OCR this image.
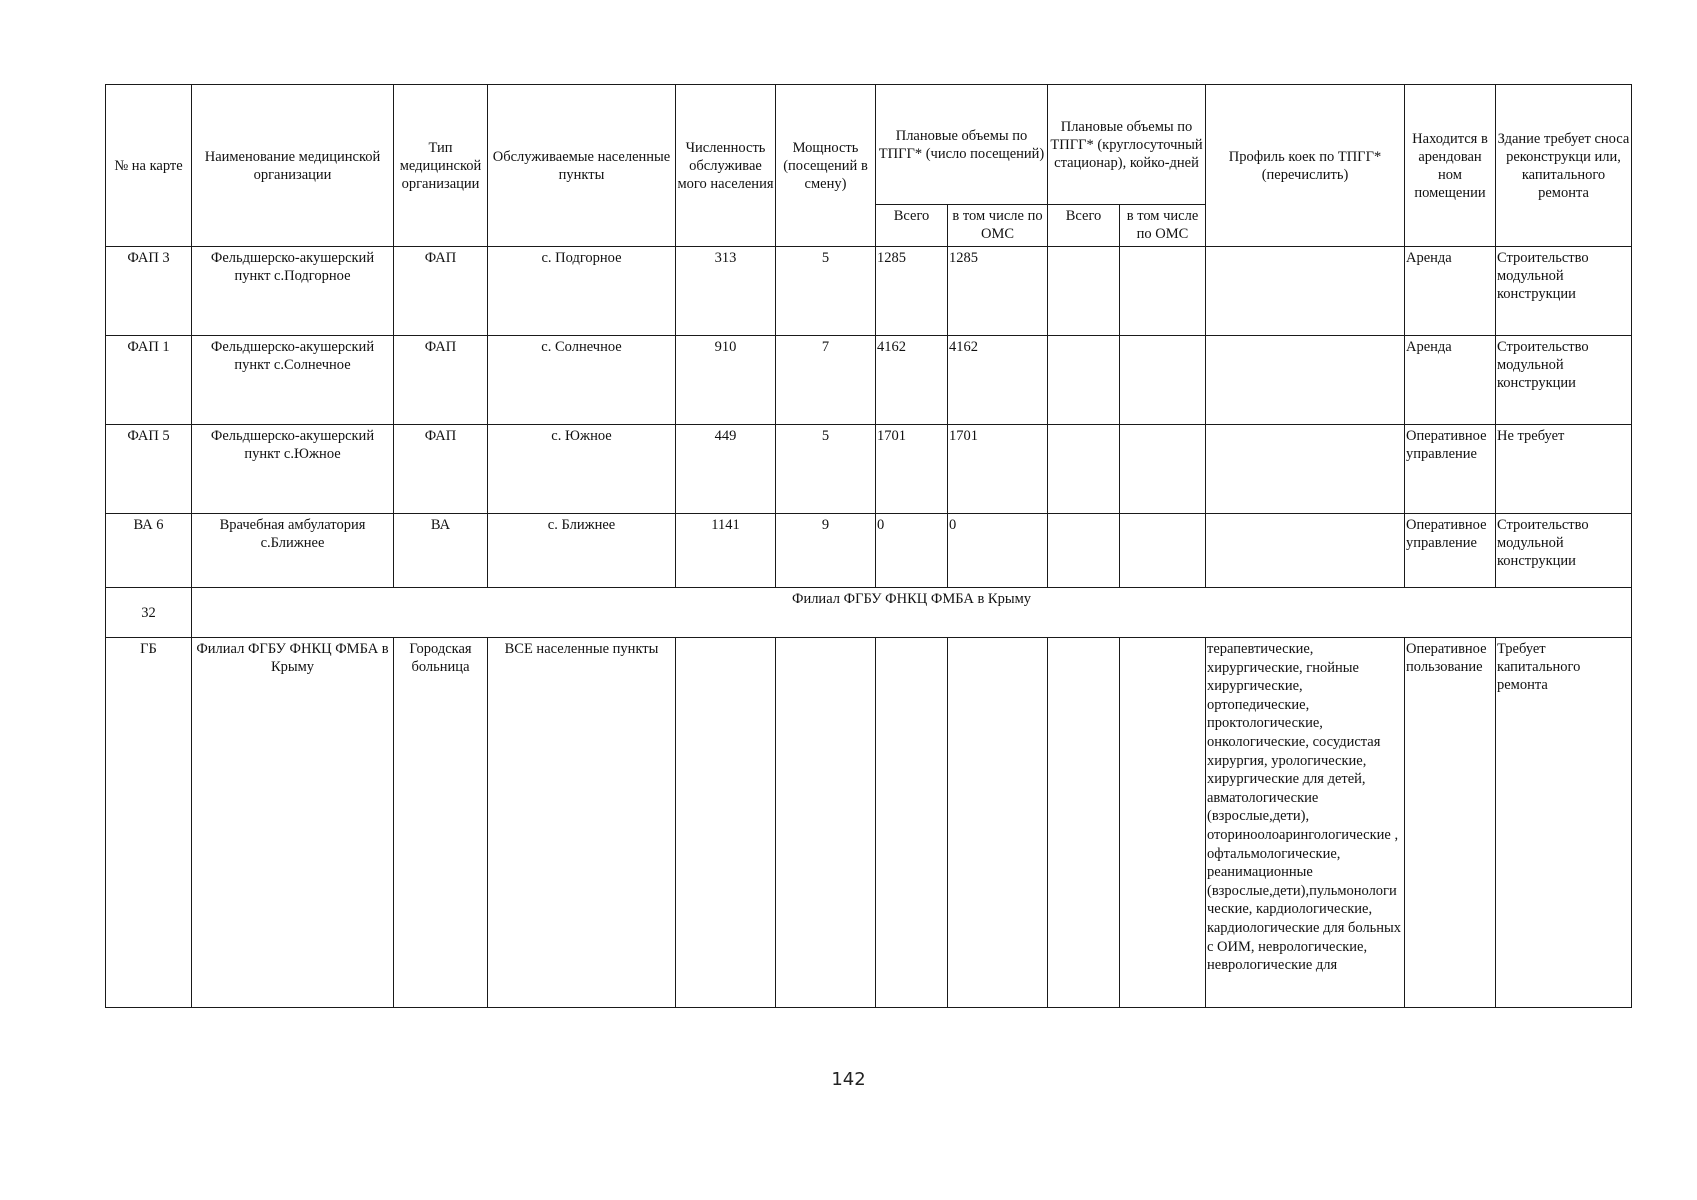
№ на карте	Наименование медицинской организации	Тип медицинской организации	Обслуживаемые населенные пункты	Численность обслуживае мого населения	Мощность (посещений в смену)	Плановые объемы по ТПГГ* (число посещений)		Плановые объемы по ТПГГ* (круглосуточный стационар), койко-дней		Профиль коек по ТПГГ* (перечислить)	Находится в арендован ном помещении	Здание требует сноса реконструкци или, капитального ремонта
						Всего	в том числе по ОМС	Всего	в том числе по ОМС			
ФАП 3	Фельдшерско-акушерский пункт с.Подгорное	ФАП	с. Подгорное	313	5	1285	1285				Аренда	Строительство модульной конструкции
ФАП 1	Фельдшерско-акушерский пункт с.Солнечное	ФАП	с. Солнечное	910	7	4162	4162				Аренда	Строительство модульной конструкции
ФАП 5	Фельдшерско-акушерский пункт с.Южное	ФАП	с. Южное	449	5	1701	1701				Оперативное управление	Не требует
ВА 6	Врачебная амбулатория с.Ближнее	ВА	с. Ближнее	1141	9	0	0				Оперативное управление	Строительство модульной конструкции
32	Филиал ФГБУ ФНКЦ ФМБА в Крыму											
ГБ	Филиал ФГБУ ФНКЦ ФМБА в Крыму	Городская больница	ВСЕ населенные пункты							терапевтические, хирургические, гнойные хирургические, ортопедические, проктологические, онкологические, сосудистая хирургия, урологические, хирургические для детей, авматологические (взрослые,дети), оториноолоарингологические , офтальмологические, реанимационные (взрослые,дети),пульмонологические, кардиологические, кардиологические для больных с ОИМ, неврологические, неврологические для	Оперативное пользование	Требует капитального ремонта
142
